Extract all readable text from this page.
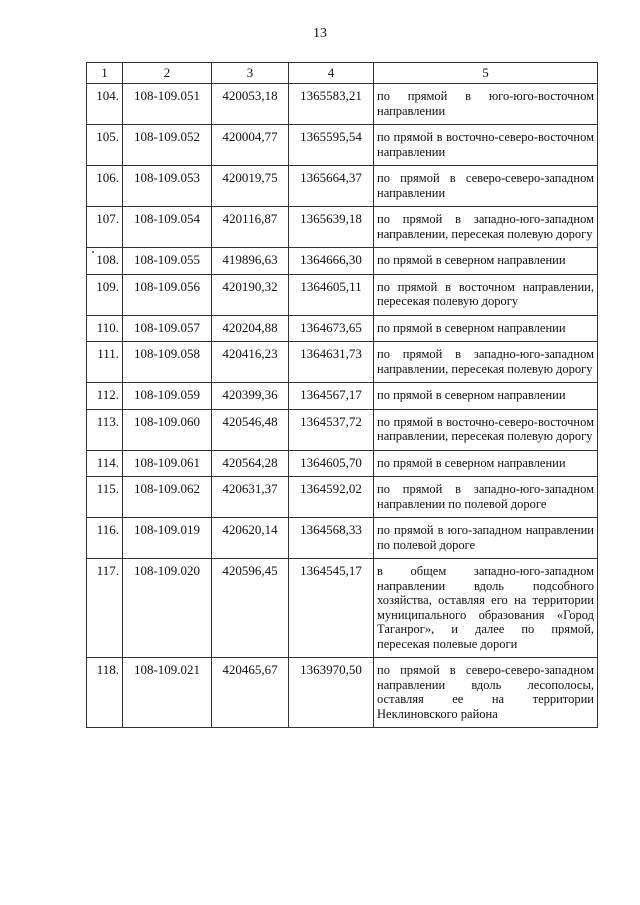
13
1	2	3	4	5
104.	108-109.051	420053,18	1365583,21	по прямой в юго-юго-восточном направлении
105.	108-109.052	420004,77	1365595,54	по прямой в восточно-северо-восточном направлении
106.	108-109.053	420019,75	1365664,37	по прямой в северо-северо-западном направлении
107.	108-109.054	420116,87	1365639,18	по прямой в западно-юго-западном направлении, пересекая полевую дорогу
108.	108-109.055	419896,63	1364666,30	по прямой в северном направлении
109.	108-109.056	420190,32	1364605,11	по прямой в восточном направлении, пересекая полевую дорогу
110.	108-109.057	420204,88	1364673,65	по прямой в северном направлении
111.	108-109.058	420416,23	1364631,73	по прямой в западно-юго-западном направлении, пересекая полевую дорогу
112.	108-109.059	420399,36	1364567,17	по прямой в северном направлении
113.	108-109.060	420546,48	1364537,72	по прямой в восточно-северо-восточном направлении, пересекая полевую дорогу
114.	108-109.061	420564,28	1364605,70	по прямой в северном направлении
115.	108-109.062	420631,37	1364592,02	по прямой в западно-юго-западном направлении по полевой дороге
116.	108-109.019	420620,14	1364568,33	по прямой в юго-западном направлении по полевой дороге
117.	108-109.020	420596,45	1364545,17	в общем западно-юго-западном направлении вдоль подсобного хозяйства, оставляя его на территории муниципального образования «Город Таганрог», и далее по прямой, пересекая полевые дороги
118.	108-109.021	420465,67	1363970,50	по прямой в северо-северо-западном направлении вдоль лесополосы, оставляя ее на территории Неклиновского района
